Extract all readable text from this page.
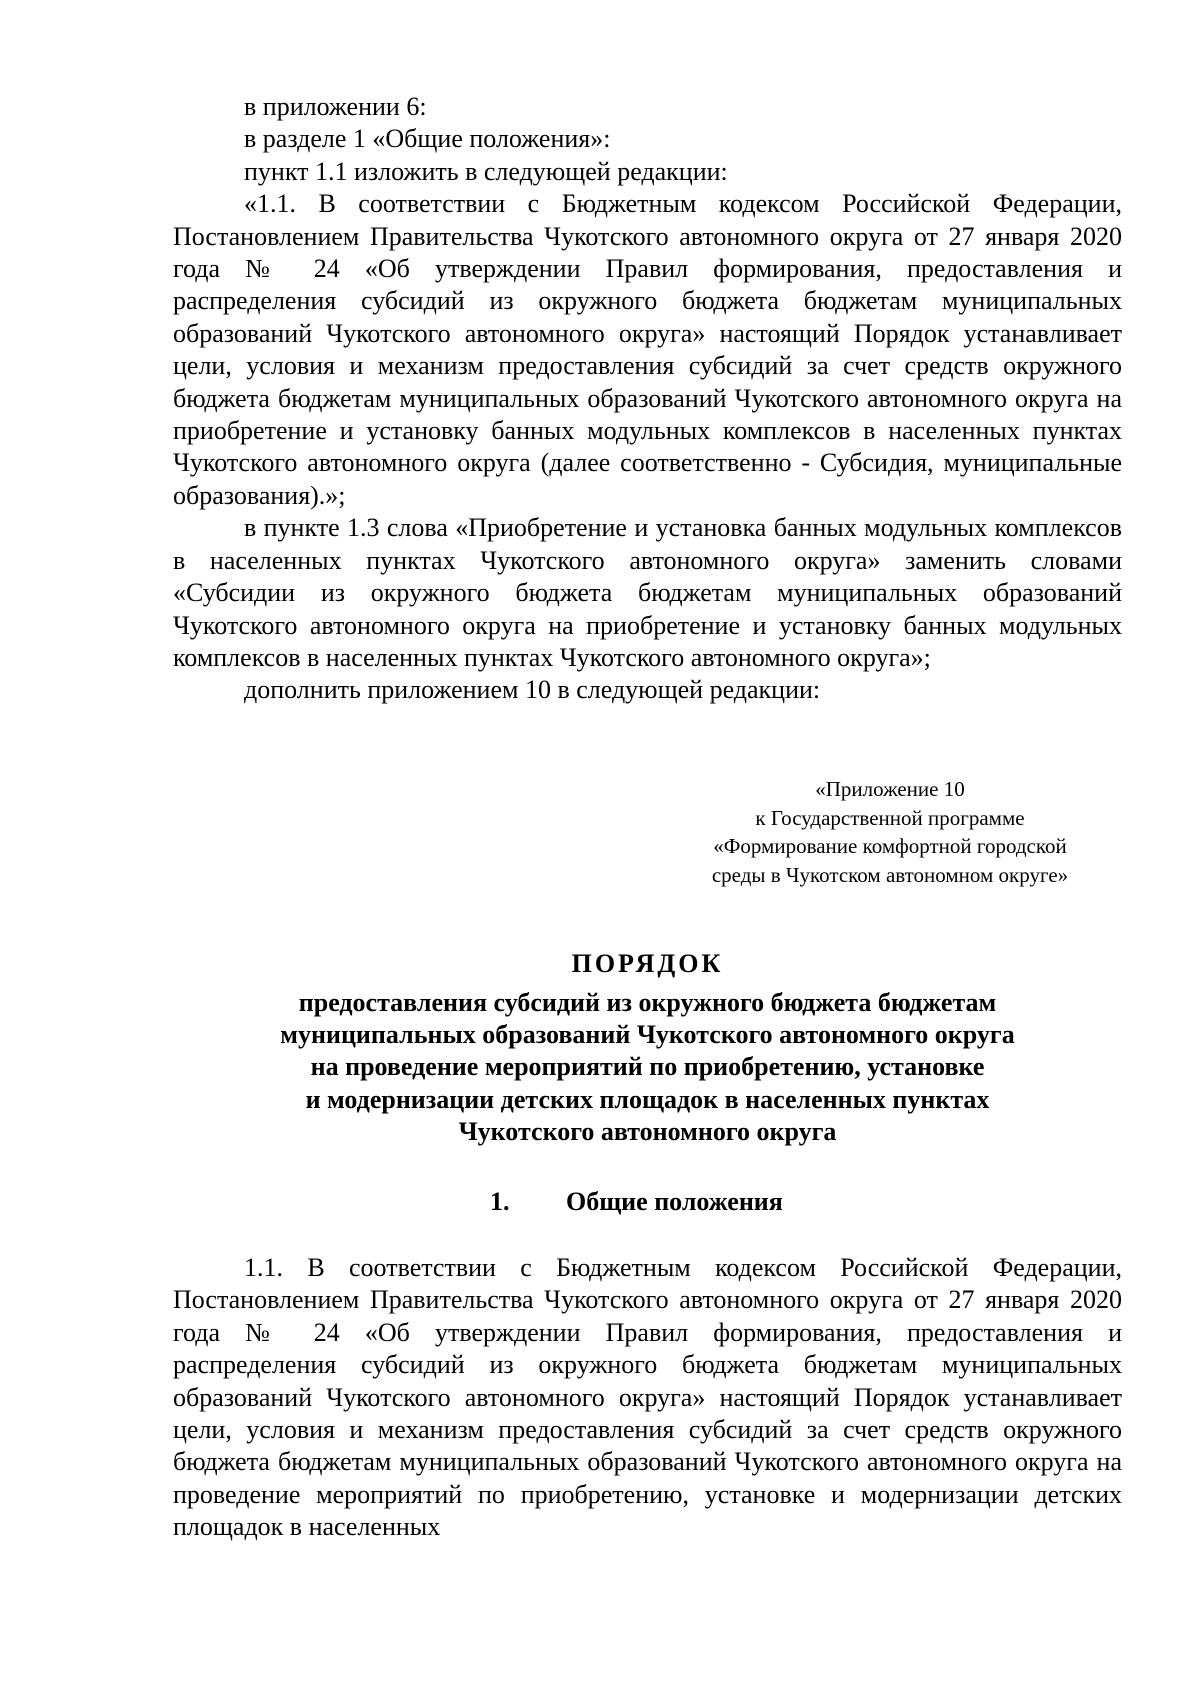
в приложении 6:

в разделе 1 «Общие положения»:

пункт 1.1 изложить в следующей редакции:

«1.1. В соответствии с Бюджетным кодексом Российской Федерации, Постановлением Правительства Чукотского автономного округа от 27 января 2020 года № 24 «Об утверждении Правил формирования, предоставления и распределения субсидий из окружного бюджета бюджетам муниципальных образований Чукотского автономного округа» настоящий Порядок устанавливает цели, условия и механизм предоставления субсидий за счет средств окружного бюджета бюджетам муниципальных образований Чукотского автономного округа на приобретение и установку банных модульных комплексов в населенных пунктах Чукотского автономного округа (далее соответственно - Субсидия, муниципальные образования).»;

в пункте 1.3 слова «Приобретение и установка банных модульных комплексов в населенных пунктах Чукотского автономного округа» заменить словами «Субсидии из окружного бюджета бюджетам муниципальных образований Чукотского автономного округа на приобретение и установку банных модульных комплексов в населенных пунктах Чукотского автономного округа»;

дополнить приложением 10 в следующей редакции:

«Приложение 10
к Государственной программе
«Формирование комфортной городской
среды в Чукотском автономном округе»
ПОРЯДОК
предоставления субсидий из окружного бюджета бюджетам
муниципальных образований Чукотского автономного округа
на проведение мероприятий по приобретению, установке
и модернизации детских площадок в населенных пунктах
Чукотского автономного округа
1. Общие положения

1.1. В соответствии с Бюджетным кодексом Российской Федерации, Постановлением Правительства Чукотского автономного округа от 27 января 2020 года № 24 «Об утверждении Правил формирования, предоставления и распределения субсидий из окружного бюджета бюджетам муниципальных образований Чукотского автономного округа» настоящий Порядок устанавливает цели, условия и механизм предоставления субсидий за счет средств окружного бюджета бюджетам муниципальных образований Чукотского автономного округа на проведение мероприятий по приобретению, установке и модернизации детских площадок в населенных
